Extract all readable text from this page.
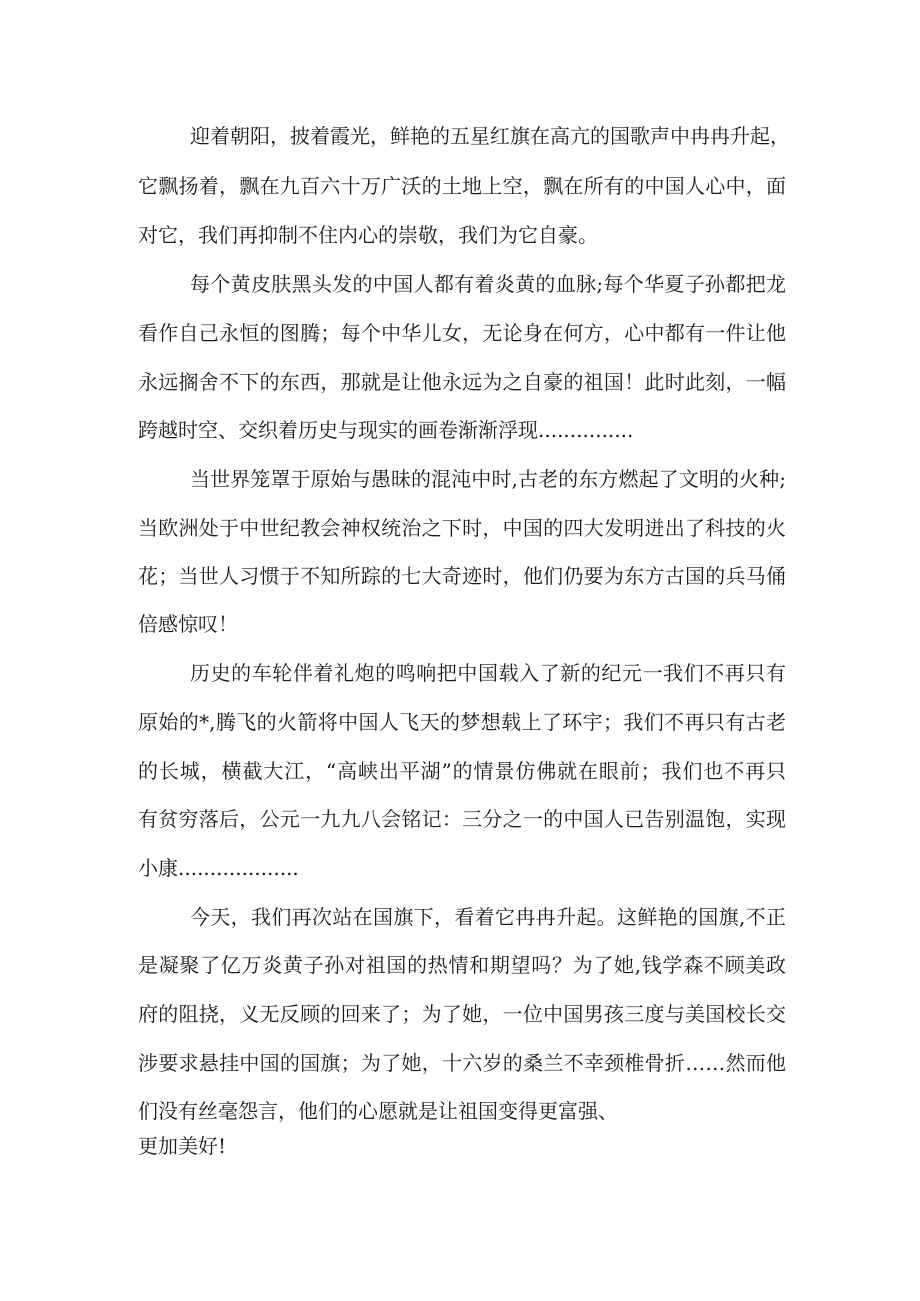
迎着朝阳，披着霞光，鲜艳的五星红旗在高亢的国歌声中冉冉升起，

它飘扬着，飘在九百六十万广沃的土地上空，飘在所有的中国人心中，面

对它，我们再抑制不住内心的崇敬，我们为它自豪。

每个黄皮肤黑头发的中国人都有着炎黄的血脉;每个华夏子孙都把龙

看作自己永恒的图腾；每个中华儿女，无论身在何方，心中都有一件让他

永远搁舍不下的东西，那就是让他永远为之自豪的祖国！此时此刻，一幅

跨越时空、交织着历史与现实的画卷渐渐浮现...............

当世界笼罩于原始与愚昧的混沌中时,古老的东方燃起了文明的火种;

当欧洲处于中世纪教会神权统治之下时，中国的四大发明迸出了科技的火

花；当世人习惯于不知所踪的七大奇迹时，他们仍要为东方古国的兵马俑

倍感惊叹！

历史的车轮伴着礼炮的鸣响把中国载入了新的纪元一我们不再只有

原始的*,腾飞的火箭将中国人飞天的梦想载上了环宇；我们不再只有古老

的长城，横截大江，“高峡出平湖”的情景仿佛就在眼前；我们也不再只

有贫穷落后，公元一九九八会铭记：三分之一的中国人已告别温饱，实现

小康...................

今天，我们再次站在国旗下，看着它冉冉升起。这鲜艳的国旗,不正

是凝聚了亿万炎黄子孙对祖国的热情和期望吗？为了她,钱学森不顾美政

府的阻挠，义无反顾的回来了；为了她，一位中国男孩三度与美国校长交

涉要求悬挂中国的国旗；为了她，十六岁的桑兰不幸颈椎骨折……然而他

们没有丝毫怨言，他们的心愿就是让祖国变得更富强、

更加美好!
